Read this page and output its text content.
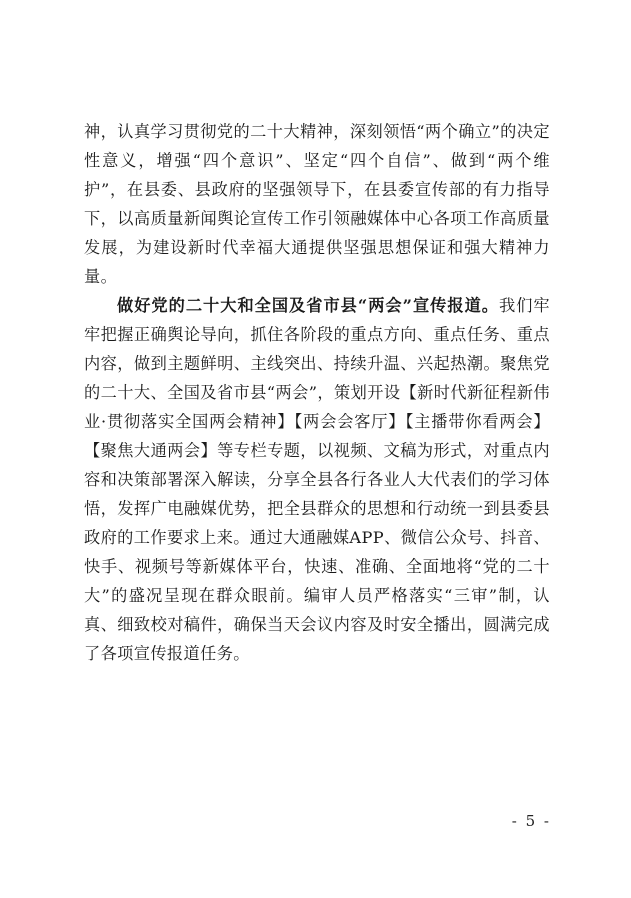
神，认真学习贯彻党的二十大精神，深刻领悟“两个确立”的决定性意义，增强“四个意识”、坚定“四个自信”、做到“两个维护”，在县委、县政府的坚强领导下，在县委宣传部的有力指导下，以高质量新闻舆论宣传工作引领融媒体中心各项工作高质量发展，为建设新时代幸福大通提供坚强思想保证和强大精神力量。

做好党的二十大和全国及省市县“两会”宣传报道。我们牢牢把握正确舆论导向，抓住各阶段的重点方向、重点任务、重点内容，做到主题鲜明、主线突出、持续升温、兴起热潮。聚焦党的二十大、全国及省市县“两会”，策划开设【新时代新征程新伟业·贯彻落实全国两会精神】【两会会客厅】【主播带你看两会】【聚焦大通两会】等专栏专题，以视频、文稿为形式，对重点内容和决策部署深入解读，分享全县各行各业人大代表们的学习体悟，发挥广电融媒优势，把全县群众的思想和行动统一到县委县政府的工作要求上来。通过大通融媒APP、微信公众号、抖音、快手、视频号等新媒体平台，快速、准确、全面地将“党的二十大”的盛况呈现在群众眼前。编审人员严格落实“三审”制，认真、细致校对稿件，确保当天会议内容及时安全播出，圆满完成了各项宣传报道任务。

- 5 -
